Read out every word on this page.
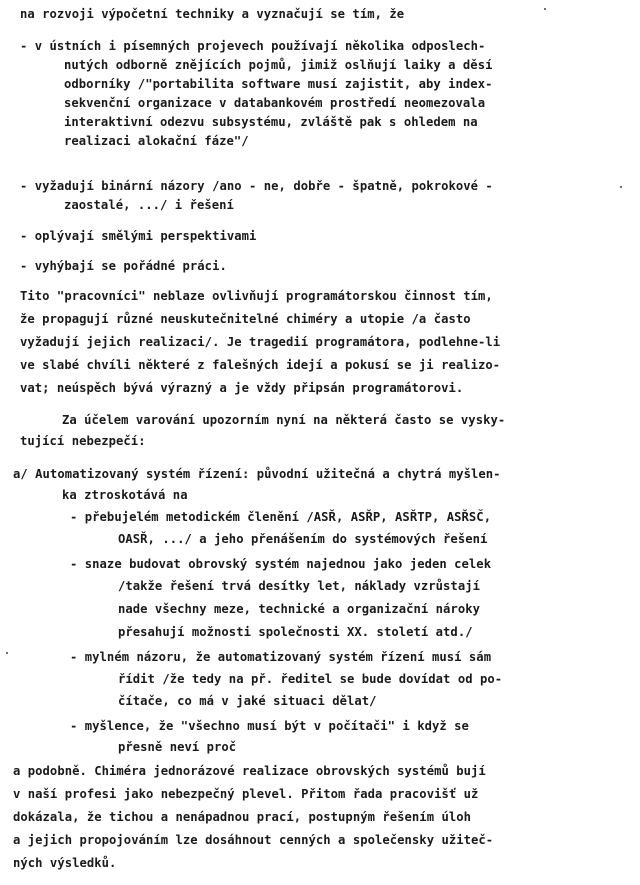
na rozvoji výpočetní techniky a vyznačují se tím, že
- v ústních i písemných projevech používají několika odposlech-
nutých odborně znějících pojmů, jimiž oslňují laiky a děsí
odborníky /"portabilita software musí zajistit, aby index-
sekvenční organizace v databankovém prostředí neomezovala
interaktivní odezvu subsystému, zvláště pak s ohledem na
realizaci alokační fáze"/
- vyžadují binární názory /ano - ne, dobře - špatně, pokrokové -
zaostalé, .../ i řešení
- oplývají smělými perspektivami
- vyhýbají se pořádné práci.
Tito "pracovníci" neblaze ovlivňují programátorskou činnost tím,
že propagují různé neuskutečnitelné chiméry a utopie /a často
vyžadují jejich realizaci/. Je tragedií programátora, podlehne-li
ve slabé chvíli některé z falešných idejí a pokusí se ji realizo-
vat; neúspěch bývá výrazný a je vždy připsán programátorovi.
Za účelem varování upozorním nyní na některá často se vysky-
tující nebezpečí:
a/ Automatizovaný systém řízení: původní užitečná a chytrá myšlen-
ka ztroskotává na
- přebujelém metodickém členění /ASŘ, ASŘP, ASŘTP, ASŘSČ,
OASŘ, .../ a jeho přenášením do systémových řešení
- snaze budovat obrovský systém najednou jako jeden celek
/takže řešení trvá desítky let, náklady vzrůstají
nade všechny meze, technické a organizační nároky
přesahují možnosti společnosti XX. století atd./
- mylném názoru, že automatizovaný systém řízení musí sám
řídit /že tedy na př. ředitel se bude dovídat od po-
čítače, co má v jaké situaci dělat/
- myšlence, že "všechno musí být v počítači" i když se
přesně neví proč
a podobně. Chiméra jednorázové realizace obrovských systémů bují
v naší profesi jako nebezpečný plevel. Přitom řada pracovišť už
dokázala, že tichou a nenápadnou prací, postupným řešením úloh
a jejich propojováním lze dosáhnout cenných a společensky užiteč-
ných výsledků.
